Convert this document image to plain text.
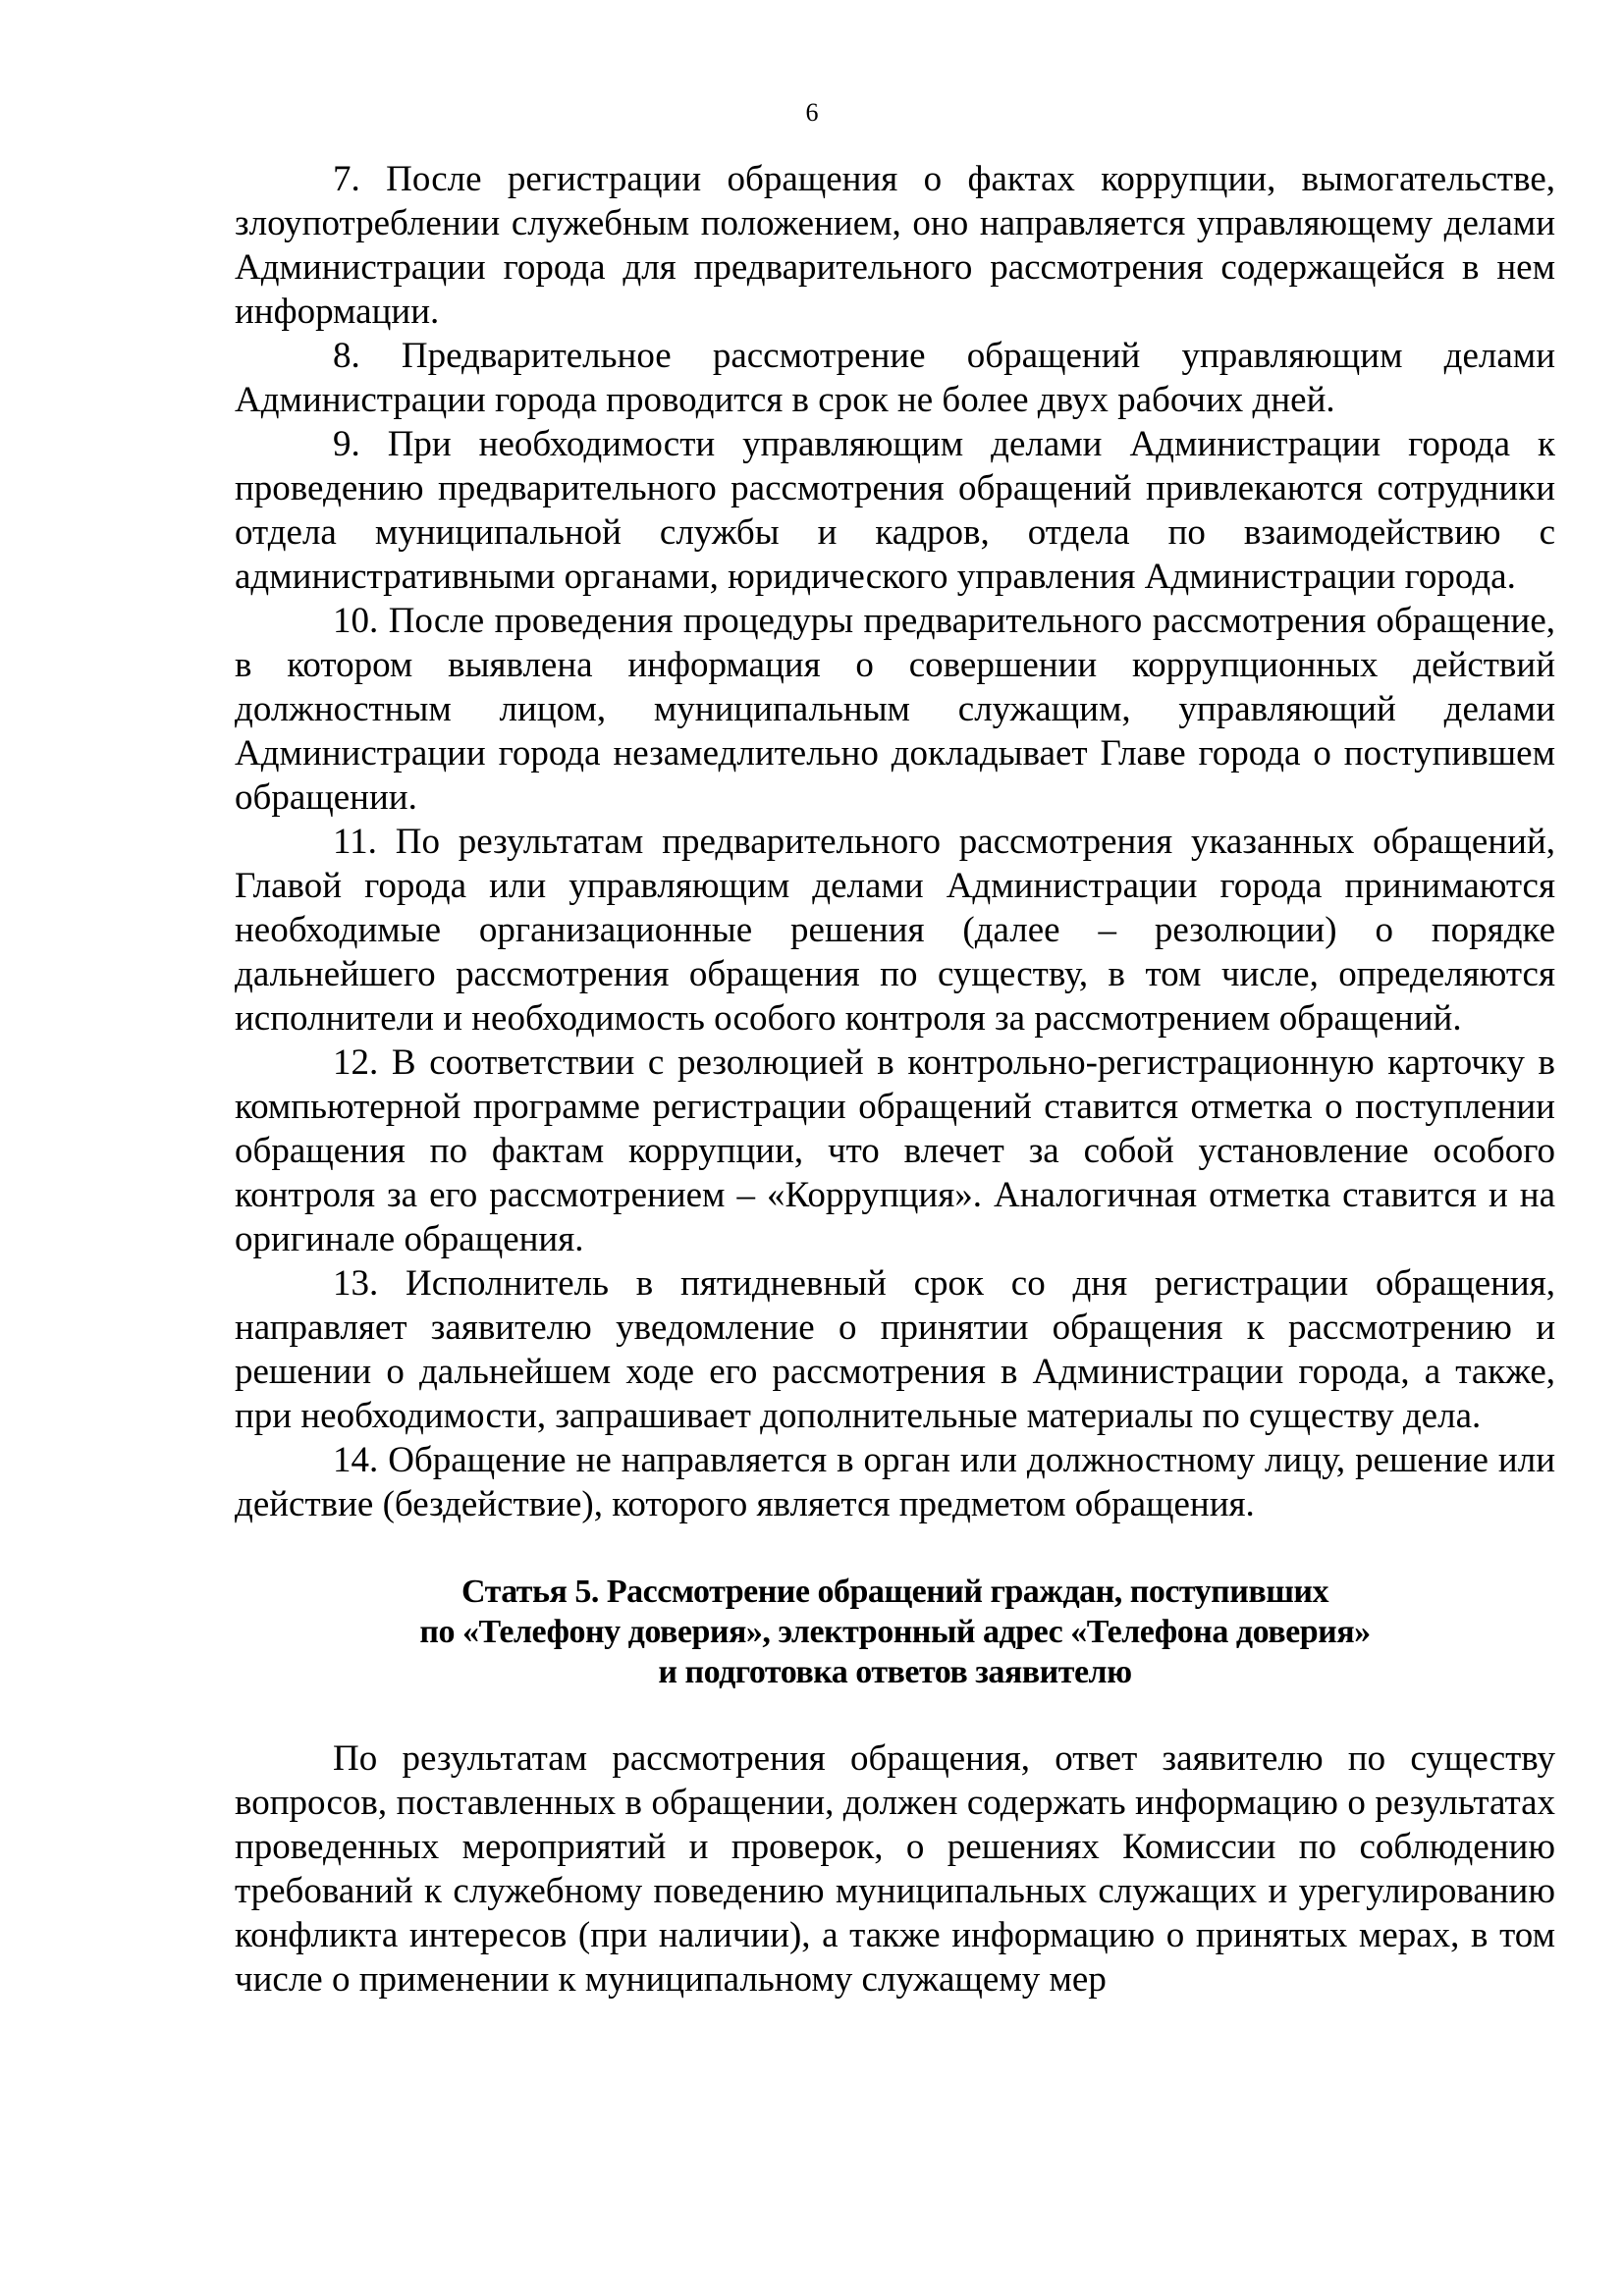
6

7. После регистрации обращения о фактах коррупции, вымогательстве, злоупотреблении служебным положением, оно направляется управляющему делами Администрации города для предварительного рассмотрения содержащейся в нем информации.

8. Предварительное рассмотрение обращений управляющим делами Администрации города проводится в срок не более двух рабочих дней.

9. При необходимости управляющим делами Администрации города к проведению предварительного рассмотрения обращений привлекаются сотрудники отдела муниципальной службы и кадров, отдела по взаимодействию с административными органами, юридического управления Администрации города.

10. После проведения процедуры предварительного рассмотрения обращение, в котором выявлена информация о совершении коррупционных действий должностным лицом, муниципальным служащим, управляющий делами Администрации города незамедлительно докладывает Главе города о поступившем обращении.

11. По результатам предварительного рассмотрения указанных обращений, Главой города или управляющим делами Администрации города принимаются необходимые организационные решения (далее – резолюции) о порядке дальнейшего рассмотрения обращения по существу, в том числе, определяются исполнители и необходимость особого контроля за рассмотрением обращений.

12. В соответствии с резолюцией в контрольно-регистрационную карточку в компьютерной программе регистрации обращений ставится отметка о поступлении обращения по фактам коррупции, что влечет за собой установление особого контроля за его рассмотрением – «Коррупция». Аналогичная отметка ставится и на оригинале обращения.

13. Исполнитель в пятидневный срок со дня регистрации обращения, направляет заявителю уведомление о принятии обращения к рассмотрению и решении о дальнейшем ходе его рассмотрения в Администрации города, а также, при необходимости, запрашивает дополнительные материалы по существу дела.

14. Обращение не направляется в орган или должностному лицу, решение или действие (бездействие), которого является предметом обращения.

Статья 5. Рассмотрение обращений граждан, поступивших
по «Телефону доверия», электронный адрес «Телефона доверия»
и подготовка ответов заявителю

По результатам рассмотрения обращения, ответ заявителю по существу вопросов, поставленных в обращении, должен содержать информацию о результатах проведенных мероприятий и проверок, о решениях Комиссии по соблюдению требований к служебному поведению муниципальных служащих и урегулированию конфликта интересов (при наличии), а также информацию о принятых мерах, в том числе о применении к муниципальному служащему мер
